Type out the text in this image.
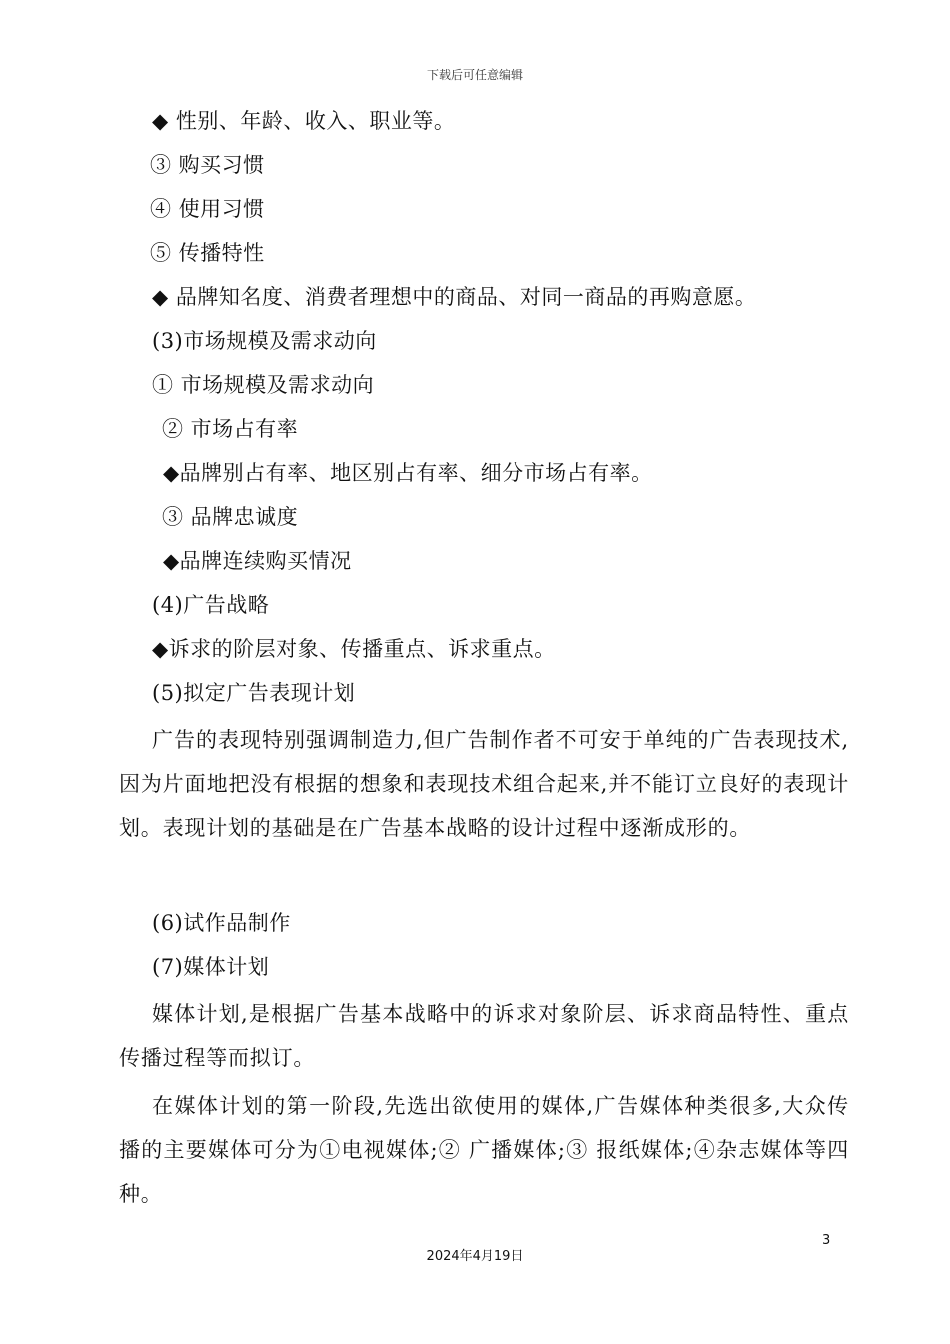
下载后可任意编辑
◆ 性别、年龄、收入、职业等。
③ 购买习惯
④ 使用习惯
⑤ 传播特性
◆ 品牌知名度、消费者理想中的商品、对同一商品的再购意愿。
(3)市场规模及需求动向
① 市场规模及需求动向
② 市场占有率
◆品牌别占有率、地区别占有率、细分市场占有率。
③ 品牌忠诚度
◆品牌连续购买情况
(4)广告战略
◆诉求的阶层对象、传播重点、诉求重点。
(5)拟定广告表现计划
广告的表现特别强调制造力,但广告制作者不可安于单纯的广告表现技术,因为片面地把没有根据的想象和表现技术组合起来,并不能订立良好的表现计划。表现计划的基础是在广告基本战略的设计过程中逐渐成形的。
(6)试作品制作
(7)媒体计划
媒体计划,是根据广告基本战略中的诉求对象阶层、诉求商品特性、重点传播过程等而拟订。
在媒体计划的第一阶段,先选出欲使用的媒体,广告媒体种类很多,大众传播的主要媒体可分为①电视媒体;② 广播媒体;③ 报纸媒体;④杂志媒体等四种。
3
2024年4月19日
